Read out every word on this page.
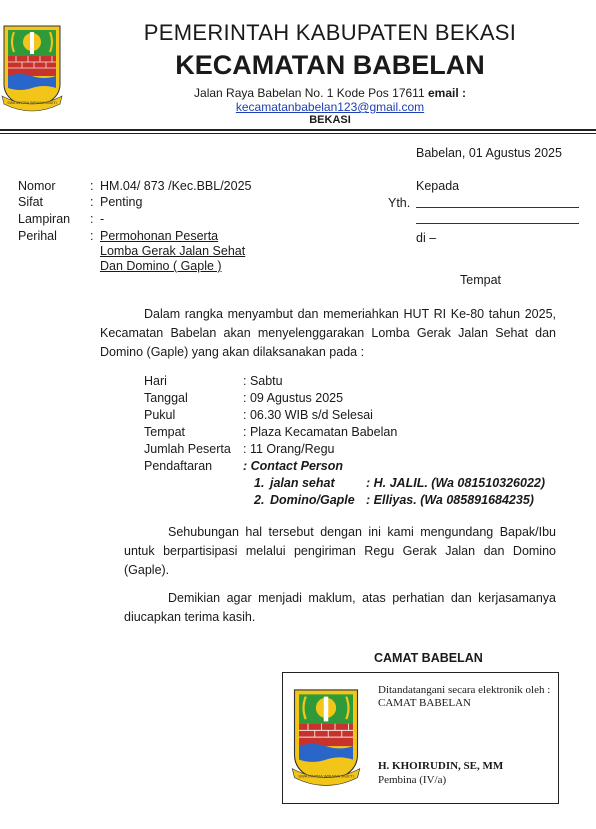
SWATANTRA WIBAWA MUKTI
PEMERINTAH KABUPATEN BEKASI
KECAMATAN BABELAN
Jalan Raya Babelan No. 1 Kode Pos 17611 email :
kecamatanbabelan123@gmail.com
BEKASI
Babelan, 01 Agustus 2025
Nomor	: HM.04/ 873 /Kec.BBL/2025
Sifat	: Penting
Lampiran : -
Perihal	: Permohonan Peserta
Lomba Gerak Jalan Sehat
Dan Domino ( Gaple )
Kepada
Yth.
di –
Tempat
Dalam rangka menyambut dan memeriahkan HUT RI Ke-80 tahun 2025, Kecamatan Babelan akan menyelenggarakan Lomba Gerak Jalan Sehat dan Domino (Gaple) yang akan dilaksanakan pada :
Hari	: Sabtu
Tanggal	: 09 Agustus 2025
Pukul	: 06.30 WIB s/d Selesai
Tempat	: Plaza Kecamatan Babelan
Jumlah Peserta : 11 Orang/Regu
Pendaftaran : Contact Person
1. jalan sehat	: H. JALIL. (Wa 081510326022)
2. Domino/Gaple : Elliyas. (Wa 085891684235)
Sehubungan hal tersebut dengan ini kami mengundang Bapak/Ibu untuk berpartisipasi melalui pengiriman Regu Gerak Jalan dan Domino (Gaple).
Demikian agar menjadi maklum, atas perhatian dan kerjasamanya diucapkan terima kasih.
CAMAT BABELAN
SWATANTRA WIBAWA MUKTI
Ditandatangani secara elektronik oleh :
CAMAT BABELAN
H. KHOIRUDIN, SE, MM
Pembina (IV/a)
